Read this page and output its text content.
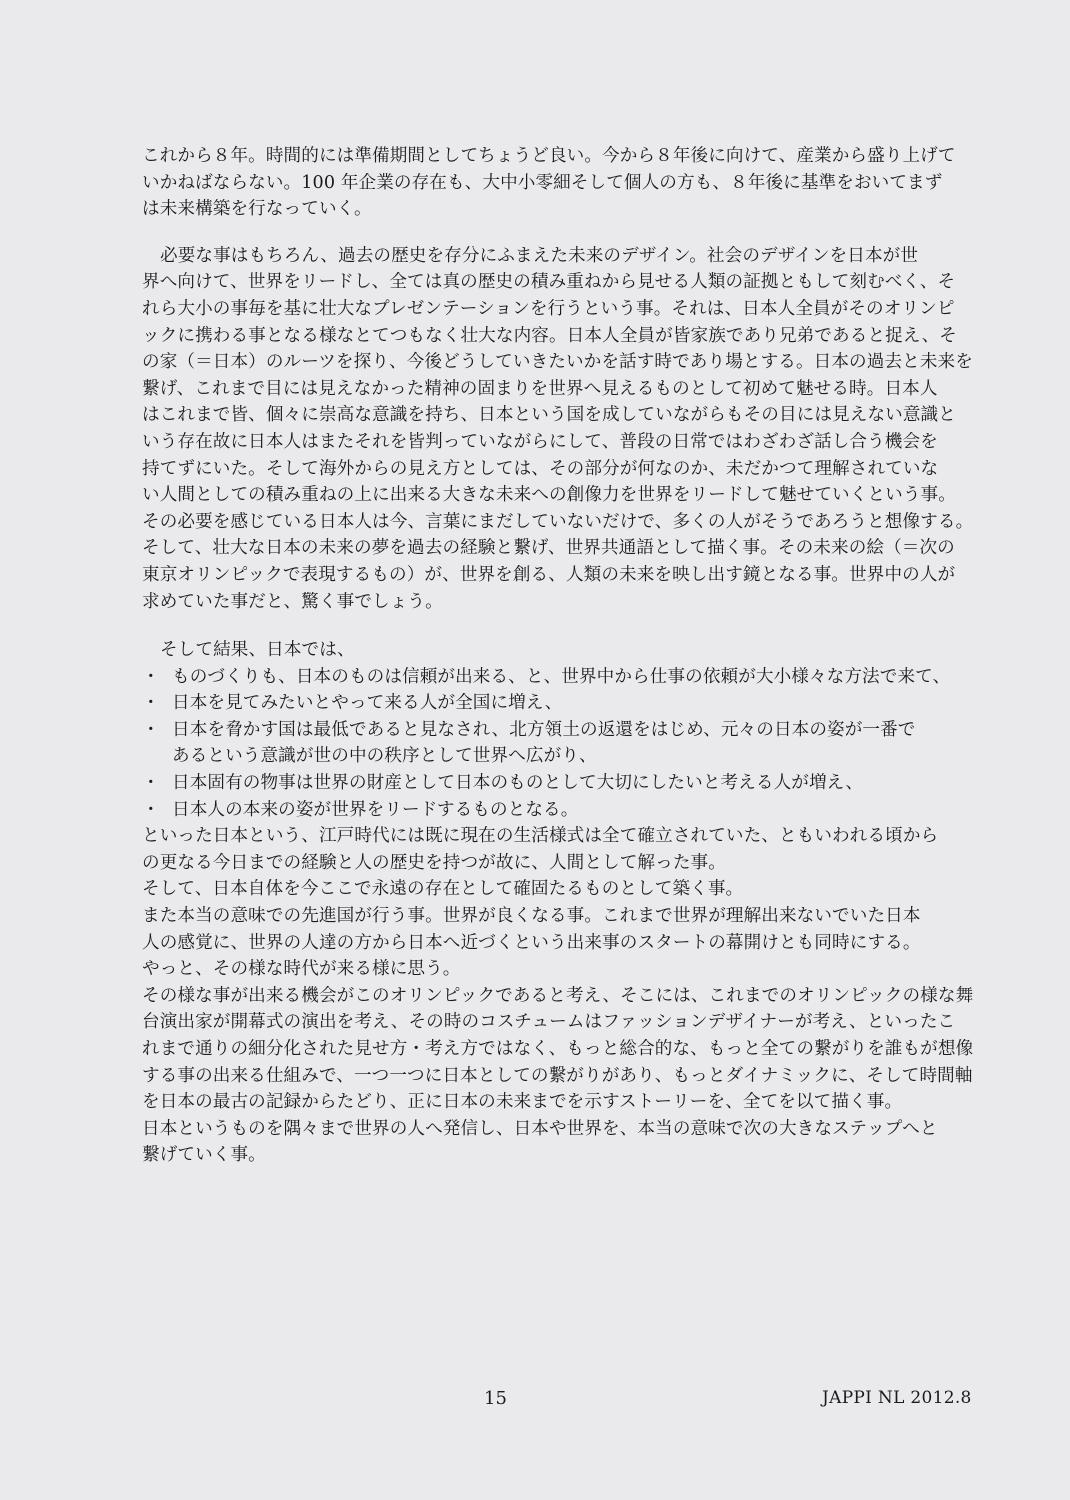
これから８年。時間的には準備期間としてちょうど良い。今から８年後に向けて、産業から盛り上げて
いかねばならない。100 年企業の存在も、大中小零細そして個人の方も、８年後に基準をおいてまず
は未来構築を行なっていく。
必要な事はもちろん、過去の歴史を存分にふまえた未来のデザイン。社会のデザインを日本が世
界へ向けて、世界をリードし、全ては真の歴史の積み重ねから見せる人類の証拠ともして刻むべく、そ
れら大小の事毎を基に壮大なプレゼンテーションを行うという事。それは、日本人全員がそのオリンピ
ックに携わる事となる様なとてつもなく壮大な内容。日本人全員が皆家族であり兄弟であると捉え、そ
の家（＝日本）のルーツを探り、今後どうしていきたいかを話す時であり場とする。日本の過去と未来を
繋げ、これまで目には見えなかった精神の固まりを世界へ見えるものとして初めて魅せる時。日本人
はこれまで皆、個々に崇高な意識を持ち、日本という国を成していながらもその目には見えない意識と
いう存在故に日本人はまたそれを皆判っていながらにして、普段の日常ではわざわざ話し合う機会を
持てずにいた。そして海外からの見え方としては、その部分が何なのか、未だかつて理解されていな
い人間としての積み重ねの上に出来る大きな未来への創像力を世界をリードして魅せていくという事。
その必要を感じている日本人は今、言葉にまだしていないだけで、多くの人がそうであろうと想像する。
そして、壮大な日本の未来の夢を過去の経験と繋げ、世界共通語として描く事。その未来の絵（＝次の
東京オリンピックで表現するもの）が、世界を創る、人類の未来を映し出す鏡となる事。世界中の人が
求めていた事だと、驚く事でしょう。
そして結果、日本では、
・ ものづくりも、日本のものは信頼が出来る、と、世界中から仕事の依頼が大小様々な方法で来て、
・ 日本を見てみたいとやって来る人が全国に増え、
・ 日本を脅かす国は最低であると見なされ、北方領土の返還をはじめ、元々の日本の姿が一番で
あるという意識が世の中の秩序として世界へ広がり、
・ 日本固有の物事は世界の財産として日本のものとして大切にしたいと考える人が増え、
・ 日本人の本来の姿が世界をリードするものとなる。
といった日本という、江戸時代には既に現在の生活様式は全て確立されていた、ともいわれる頃から
の更なる今日までの経験と人の歴史を持つが故に、人間として解った事。
そして、日本自体を今ここで永遠の存在として確固たるものとして築く事。
また本当の意味での先進国が行う事。世界が良くなる事。これまで世界が理解出来ないでいた日本
人の感覚に、世界の人達の方から日本へ近づくという出来事のスタートの幕開けとも同時にする。
やっと、その様な時代が来る様に思う。
その様な事が出来る機会がこのオリンピックであると考え、そこには、これまでのオリンピックの様な舞
台演出家が開幕式の演出を考え、その時のコスチュームはファッションデザイナーが考え、といったこ
れまで通りの細分化された見せ方・考え方ではなく、もっと総合的な、もっと全ての繋がりを誰もが想像
する事の出来る仕組みで、一つ一つに日本としての繋がりがあり、もっとダイナミックに、そして時間軸
を日本の最古の記録からたどり、正に日本の未来までを示すストーリーを、全てを以て描く事。
日本というものを隅々まで世界の人へ発信し、日本や世界を、本当の意味で次の大きなステップへと
繋げていく事。
15	JAPPI NL 2012.8
